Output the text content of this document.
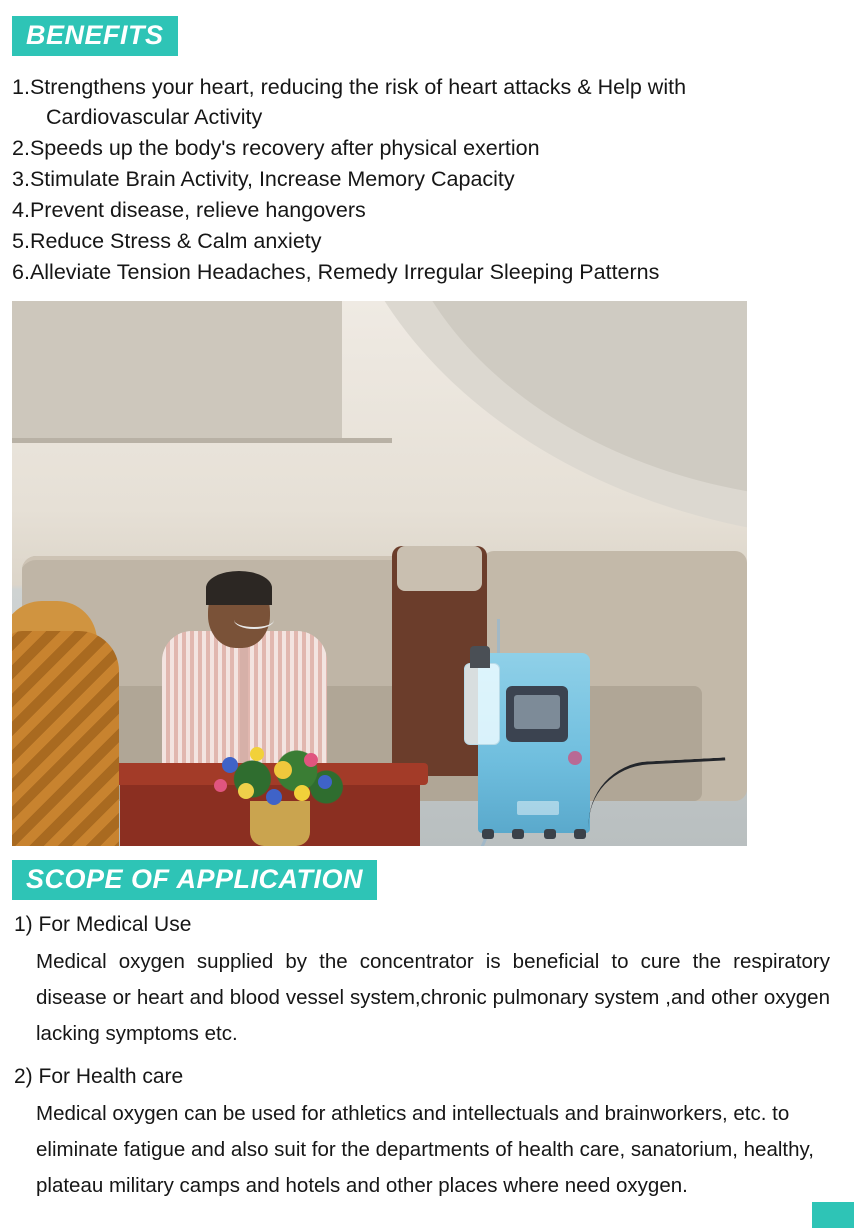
BENEFITS
1. Strengthens your heart, reducing the risk of heart attacks & Help with
Cardiovascular Activity
2. Speeds up the body's recovery after physical exertion
3. Stimulate Brain Activity, Increase Memory Capacity
4. Prevent disease, relieve hangovers
5. Reduce Stress & Calm anxiety
6. Alleviate Tension Headaches, Remedy Irregular Sleeping Patterns
SCOPE OF APPLICATION
1) For Medical Use

Medical oxygen supplied by the concentrator is beneficial to cure the respiratory disease or heart and blood vessel system,chronic pulmonary system ,and other oxygen lacking symptoms etc.

2) For Health care

Medical oxygen can be used for athletics and intellectuals and brainworkers, etc. to eliminate fatigue and also suit for the departments of health care, sanatorium, healthy, plateau military camps and hotels and other places where need oxygen.
